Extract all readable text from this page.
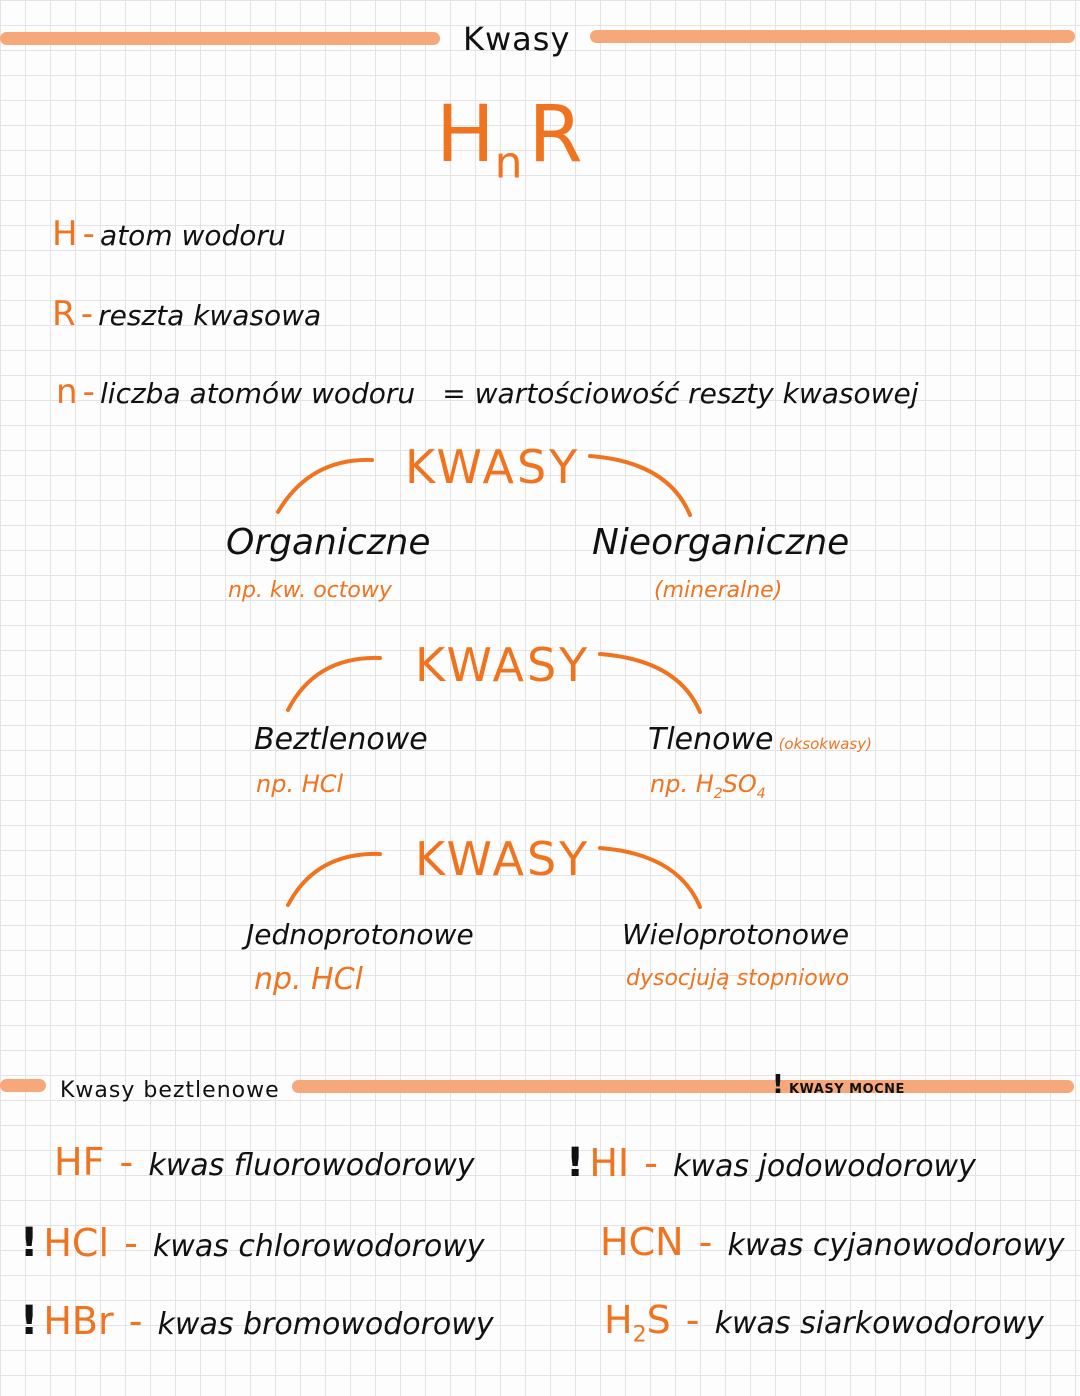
Kwasy
$H_nR$
H - atom wodoru
R - reszta kwasowa
n - liczba atomów wodoru = wartościowość reszty kwasowej
KWASY
Organiczne
np. kw. octowy
Nieorganiczne
(mineralne)
KWASY
Beztlenowe
np. HCl
Tlenowe (oksokwasy)
np. $H_2SO_4$
KWASY
Jednoprotonowe
np. HCl
Wieloprotonowe
dysocjują stopniowo
Kwasy beztlenowe	! KWASY MOCNE
HF - kwas fluorowodorowy
! HCl - kwas chlorowodorowy
! HBr - kwas bromowodorowy
! HI - kwas jodowodorowy
HCN - kwas cyjanowodorowy
$H_2S$ - kwas siarkowodorowy
